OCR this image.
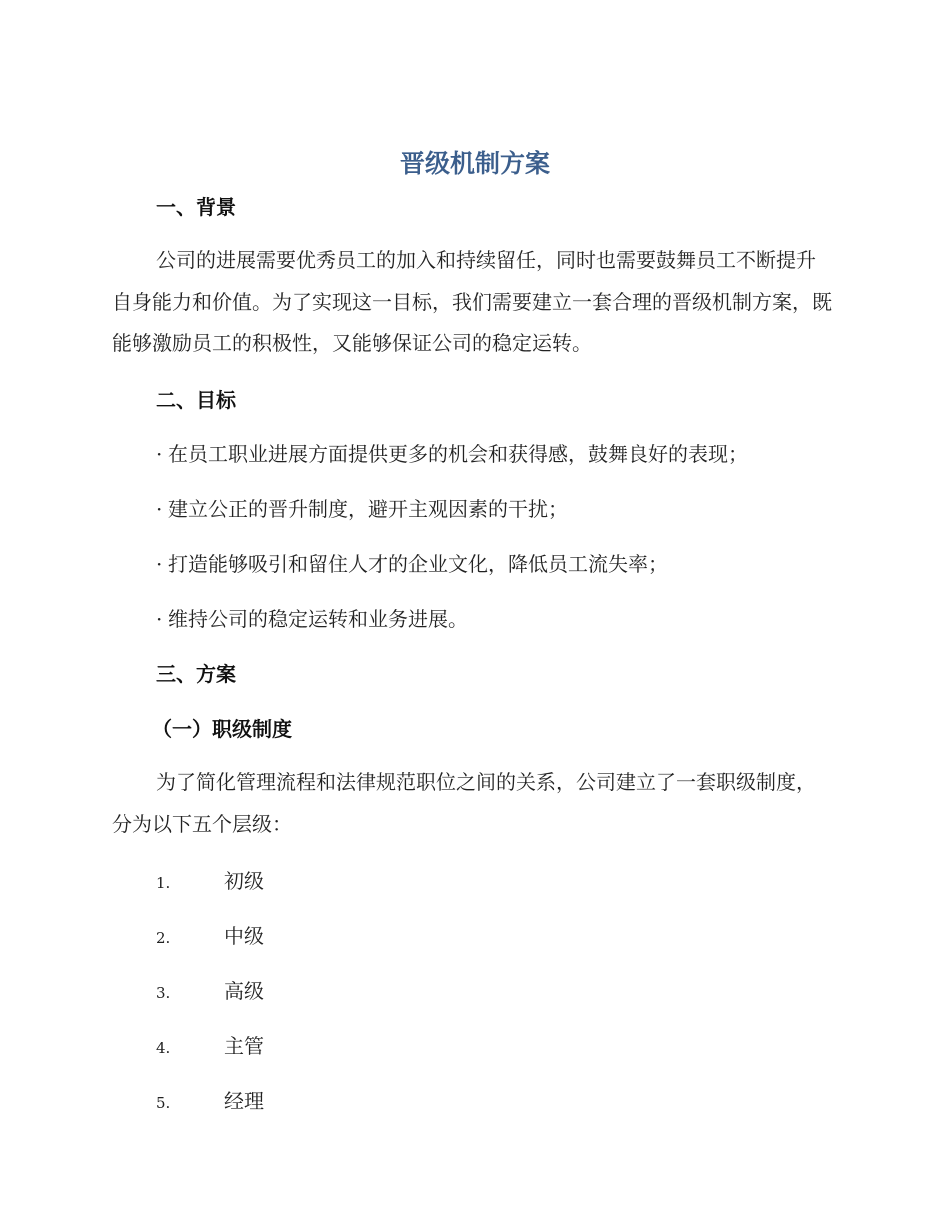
晋级机制方案
一、背景

公司的进展需要优秀员工的加入和持续留任，同时也需要鼓舞员工不断提升自身能力和价值。为了实现这一目标，我们需要建立一套合理的晋级机制方案，既能够激励员工的积极性，又能够保证公司的稳定运转。

二、目标

· 在员工职业进展方面提供更多的机会和获得感，鼓舞良好的表现；

· 建立公正的晋升制度，避开主观因素的干扰；

· 打造能够吸引和留住人才的企业文化，降低员工流失率；

· 维持公司的稳定运转和业务进展。

三、方案
（一）职级制度

为了简化管理流程和法律规范职位之间的关系，公司建立了一套职级制度，分为以下五个层级：

1.	初级
2.	中级
3.	高级
4.	主管
5.	经理
